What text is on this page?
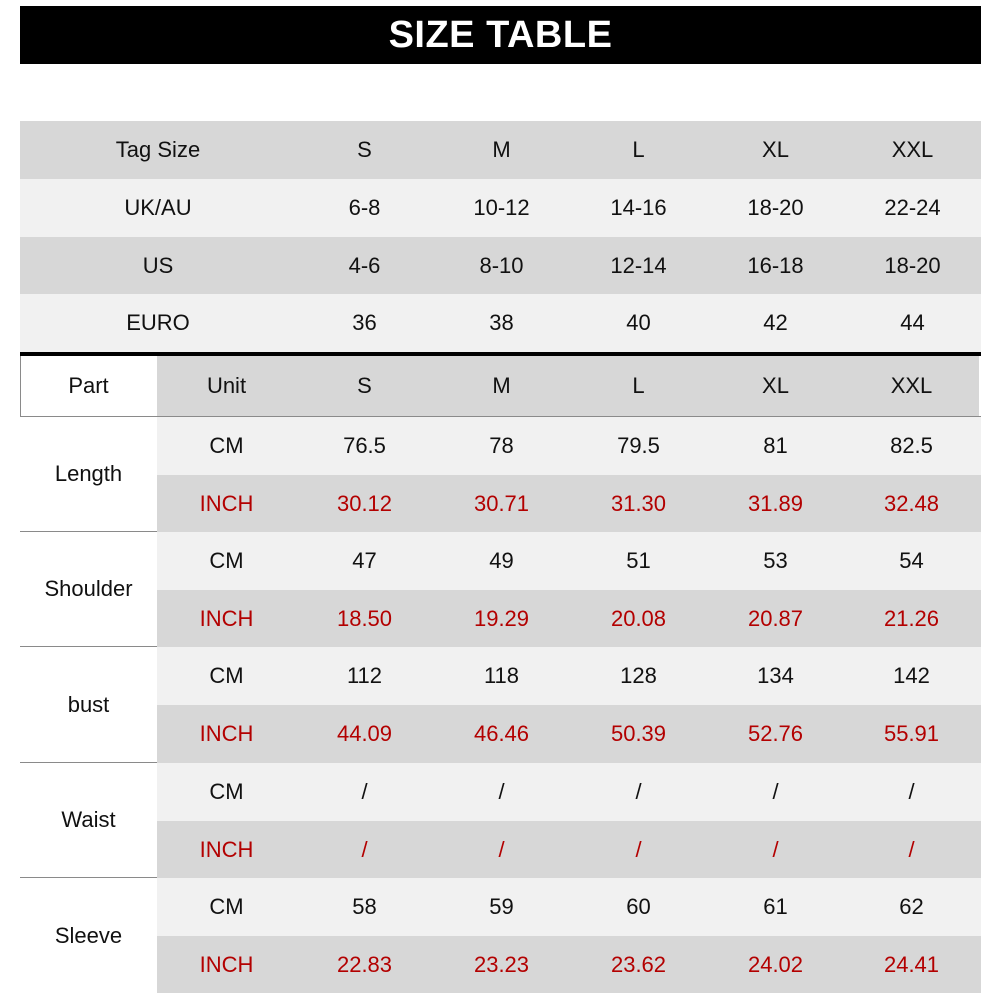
SIZE TABLE
Tag Size	S	M	L	XL	XXL
UK/AU	6-8	10-12	14-16	18-20	22-24
US	4-6	8-10	12-14	16-18	18-20
EURO	36	38	40	42	44
Part	Unit	S	M	L	XL	XXL
Length
CM	76.5	78	79.5	81	82.5
INCH	30.12	30.71	31.30	31.89	32.48
Shoulder
CM	47	49	51	53	54
INCH	18.50	19.29	20.08	20.87	21.26
bust
CM	112	118	128	134	142
INCH	44.09	46.46	50.39	52.76	55.91
Waist
CM	/	/	/	/	/
INCH	/	/	/	/	/
Sleeve
CM	58	59	60	61	62
INCH	22.83	23.23	23.62	24.02	24.41
